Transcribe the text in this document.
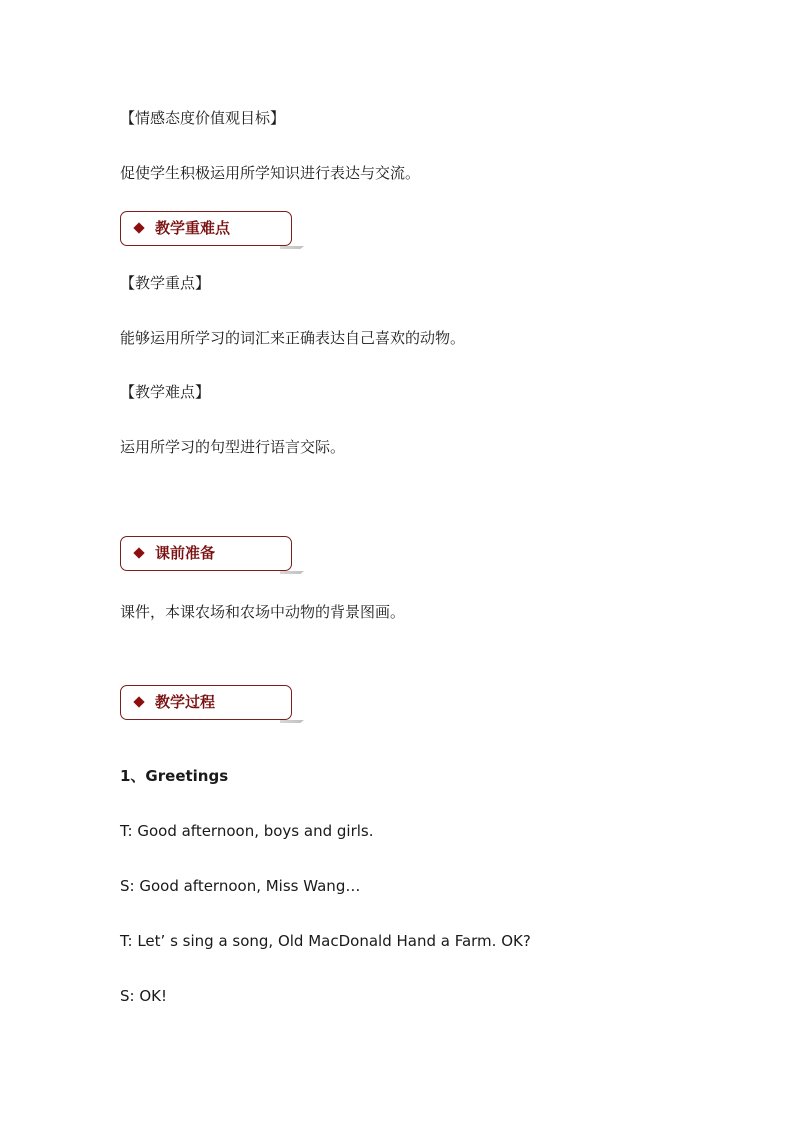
【情感态度价值观目标】
促使学生积极运用所学知识进行表达与交流。
教学重难点
【教学重点】
能够运用所学习的词汇来正确表达自己喜欢的动物。
【教学难点】
运用所学习的句型进行语言交际。
课前准备
课件，本课农场和农场中动物的背景图画。
教学过程
1、Greetings
T: Good afternoon, boys and girls.
S: Good afternoon, Miss Wang…
T: Let’ s sing a song, Old MacDonald Hand a Farm. OK?
S: OK!
